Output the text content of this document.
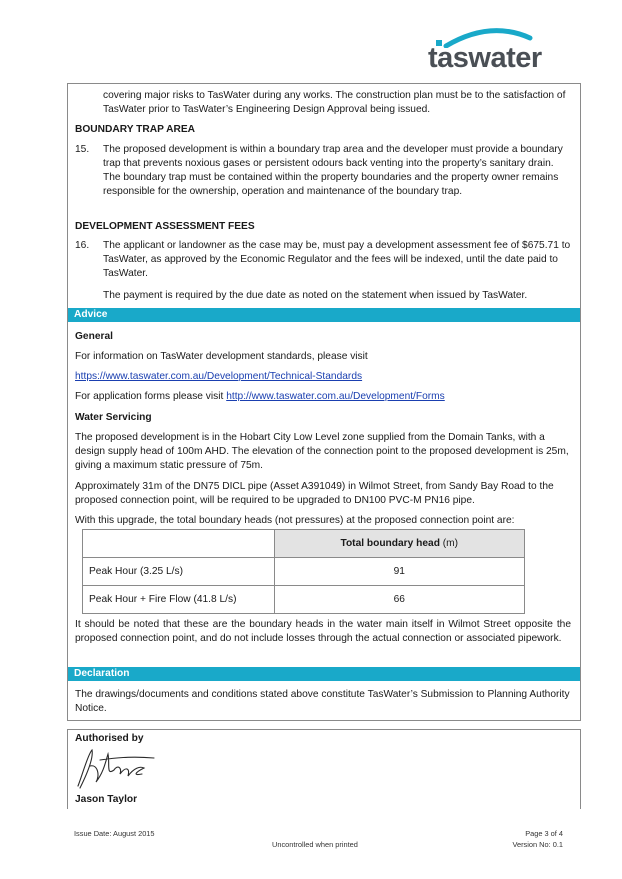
taswater
covering major risks to TasWater during any works. The construction plan must be to the satisfaction of TasWater prior to TasWater’s Engineering Design Approval being issued.
BOUNDARY TRAP AREA
15. The proposed development is within a boundary trap area and the developer must provide a boundary trap that prevents noxious gases or persistent odours back venting into the property’s sanitary drain. The boundary trap must be contained within the property boundaries and the property owner remains responsible for the ownership, operation and maintenance of the boundary trap.
DEVELOPMENT ASSESSMENT FEES
16. The applicant or landowner as the case may be, must pay a development assessment fee of $675.71 to TasWater, as approved by the Economic Regulator and the fees will be indexed, until the date paid to TasWater.
The payment is required by the due date as noted on the statement when issued by TasWater.
Advice
General
For information on TasWater development standards, please visit
https://www.taswater.com.au/Development/Technical-Standards
For application forms please visit http://www.taswater.com.au/Development/Forms
Water Servicing
The proposed development is in the Hobart City Low Level zone supplied from the Domain Tanks, with a design supply head of 100m AHD. The elevation of the connection point to the proposed development is 25m, giving a maximum static pressure of 75m.
Approximately 31m of the DN75 DICL pipe (Asset A391049) in Wilmot Street, from Sandy Bay Road to the proposed connection point, will be required to be upgraded to DN100 PVC-M PN16 pipe.
With this upgrade, the total boundary heads (not pressures) at the proposed connection point are:
	Total boundary head (m)
Peak Hour (3.25 L/s)	91
Peak Hour + Fire Flow (41.8 L/s)	66
It should be noted that these are the boundary heads in the water main itself in Wilmot Street opposite the proposed connection point, and do not include losses through the actual connection or associated pipework.
Declaration
The drawings/documents and conditions stated above constitute TasWater’s Submission to Planning Authority Notice.
Authorised by
Jason Taylor
Issue Date: August 2015
Uncontrolled when printed
Page 3 of 4
Version No: 0.1
